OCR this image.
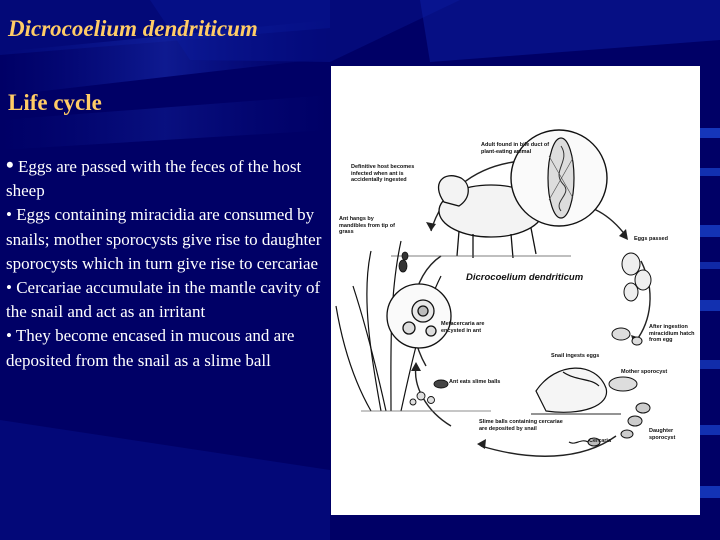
Dicrocoelium dendriticum
Life cycle

• Eggs are passed with the feces of the host sheep

• Eggs containing miracidia are consumed by snails; mother sporocysts give rise to daughter sporocysts which in turn give rise to cercariae

• Cercariae accumulate in the mantle cavity of the snail and act as an irritant

• They become encased in mucous and are deposited from the snail as a slime ball

Adult found in bile duct of plant-eating animal
Definitive host becomes infected when ant is accidentally ingested
Ant hangs by mandibles from tip of grass
Eggs passed
Dicrocoelium dendriticum
After ingestion miracidium hatch from egg
Metacercaria are encysted in ant
Snail ingests eggs
Mother sporocyst
Ant eats slime balls
Daughter sporocyst
Slime balls containing cercariae are deposited by snail
Cercaria
